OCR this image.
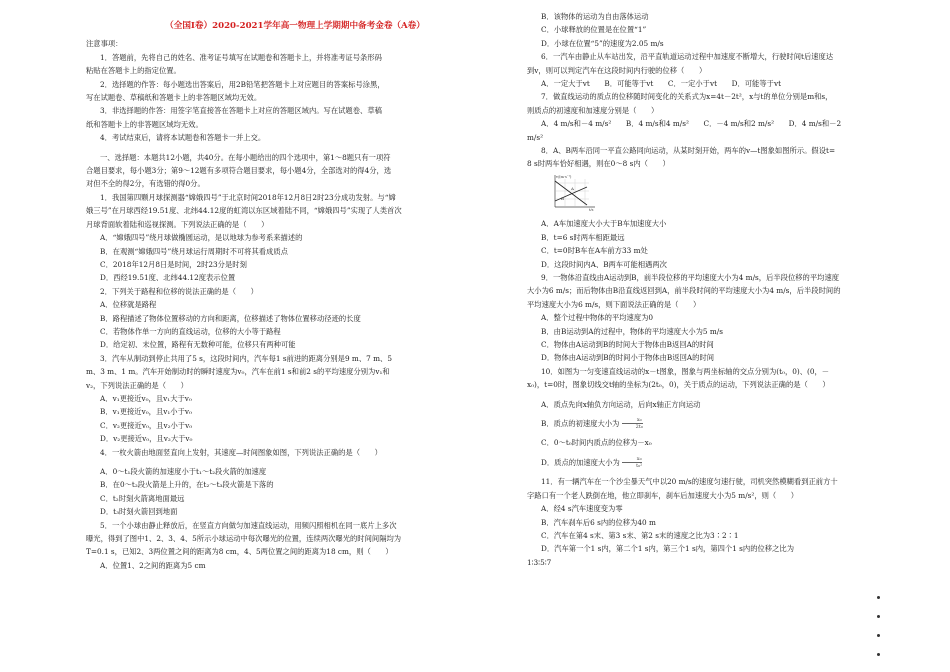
（全国Ⅰ卷）2020-2021学年高一物理上学期期中备考金卷（A卷）

注意事项：

1．答题前，先将自己的姓名、准考证号填写在试题卷和答题卡上，并将准考证号条形码

粘贴在答题卡上的指定位置。

2．选择题的作答：每小题选出答案后，用2B铅笔把答题卡上对应题目的答案标号涂黑，

写在试题卷、草稿纸和答题卡上的非答题区域均无效。

3．非选择题的作答：用签字笔直接答在答题卡上对应的答题区域内。写在试题卷、草稿

纸和答题卡上的非答题区域均无效。

4．考试结束后，请将本试题卷和答题卡一并上交。

一、选择题：本题共12小题，共40分。在每小题给出的四个选项中，第1～8题只有一项符

合题目要求，每小题3分；第9～12题有多项符合题目要求，每小题4分，全部选对的得4分，选

对但不全的得2分，有选错的得0分。

1．我国第四颗月球探测器“嫦娥四号”于北京时间2018年12月8日2时23分成功发射。与“嫦

娥三号”在月球西经19.51度、北纬44.12度的虹湾以东区域着陆不同，“嫦娥四号”实现了人类首次

月球背面软着陆和巡视探测。下列说法正确的是（　　）

A．“嫦娥四号”绕月球做椭圆运动，是以地球为参考系来描述的

B．在观测“嫦娥四号”绕月球运行周期时不可将其看成质点

C．2018年12月8日是时间，2时23分是时刻

D．西经19.51度、北纬44.12度表示位置

2．下列关于路程和位移的说法正确的是（　　）

A．位移就是路程

B．路程描述了物体位置移动的方向和距离，位移描述了物体位置移动径迹的长度

C．若物体作单一方向的直线运动，位移的大小等于路程

D．给定初、末位置，路程有无数种可能，位移只有两种可能

3．汽车从制动到停止共用了5 s，这段时间内，汽车每1 s前进的距离分别是9 m、7 m、5

m、3 m、1 m。汽车开始制动时的瞬时速度为v₀，汽车在前1 s和前2 s的平均速度分别为v₁和

v₂，下列说法正确的是（　　）

A．v₁更接近v₀，且v₁大于v₀

B．v₁更接近v₀，且v₁小于v₀

C．v₂更接近v₀，且v₂小于v₀

D．v₂更接近v₀，且v₂大于v₀

4．一枚火箭由地面竖直向上发射，其速度—时间图象如图，下列说法正确的是（　　）

A．0～t₁段火箭的加速度小于t₁～t₂段火箭的加速度

B．在0～t₂段火箭是上升的，在t₂～t₃段火箭是下落的

C．t₂时刻火箭离地面最远

D．t₃时刻火箭回到地面

5．一个小球由静止释放后，在竖直方向做匀加速直线运动，用频闪照相机在同一底片上多次

曝光，得到了图中1、2、3、4、5所示小球运动中每次曝光的位置，连续两次曝光的时间间隔均为

T=0.1 s，已知2、3两位置之间的距离为8 cm，4、5两位置之间的距离为18 cm，则（　　）

A．位置1、2之间的距离为5 cm

B．该物体的运动为自由落体运动

C．小球释放的位置是在位置“1”

D．小球在位置“5”的速度为2.05 m/s

6．一汽车由静止从车站出发，沿平直轨道运动过程中加速度不断增大，行驶时间t后速度达

到v，则可以判定汽车在这段时间内行驶的位移（　　）

A．一定大于vt　　B．可能等于vt　　C．一定小于vt　　D．可能等于vt

7．做直线运动的质点的位移随时间变化的关系式为x=4t－2t²，x与t的单位分别是m和s，

则质点的初速度和加速度分别是（　　）

A．4 m/s和－4 m/s²　　B．4 m/s和4 m/s²　　C．－4 m/s和2 m/s²　　D．4 m/s和－2

m/s²

8．A、B两车沿同一平直公路同向运动，从某时刻开始，两车的v—t图象如图所示。假设t=

8 s时两车恰好相遇，则在0～8 s内（　　）

v/(m·s⁻¹)
A
B
t/s

A．A车加速度大小大于B车加速度大小

B．t=6 s时两车相距最远

C．t=0时B车在A车前方33 m处

D．这段时间内A、B两车可能相遇两次

9．一物体沿直线由A运动到B，前半段位移的平均速度大小为4 m/s，后半段位移的平均速度

大小为6 m/s；而后物体由B沿直线返回到A，前半段时间的平均速度大小为4 m/s，后半段时间的

平均速度大小为6 m/s，则下面说法正确的是（　　）

A．整个过程中物体的平均速度为0

B．由B运动到A的过程中，物体的平均速度大小为5 m/s

C．物体由A运动到B的时间大于物体由B返回A的时间

D．物体由A运动到B的时间小于物体由B返回A的时间

10．如图为一匀变速直线运动的x－t图象，图象与两坐标轴的交点分别为(t₀，0)、(0，－

x₀)，t=0时，图象切线交t轴的坐标为(2t₀，0)，关于质点的运动，下列说法正确的是（　　）

A．质点先向x轴负方向运动，后向x轴正方向运动

B．质点的初速度大小为 $\frac{\text{x₀}}{\text{2t₀}}$

C．0～t₀时间内质点的位移为－x₀

D．质点的加速度大小为 $\frac{\text{x₀}}{\text{t₀²}}$

11．有一辆汽车在一个沙尘暴天气中以20 m/s的速度匀速行驶，司机突然模糊看到正前方十

字路口有一个老人跌倒在地，他立即刹车，刹车后加速度大小为5 m/s²，则（　　）

A．经4 s汽车速度变为零

B．汽车刹车后6 s内的位移为40 m

C．汽车在第4 s末、第3 s末、第2 s末的速度之比为3∶2∶1

D．汽车第一个1 s内，第二个1 s内，第三个1 s内，第四个1 s内的位移之比为

1∶3∶5∶7
